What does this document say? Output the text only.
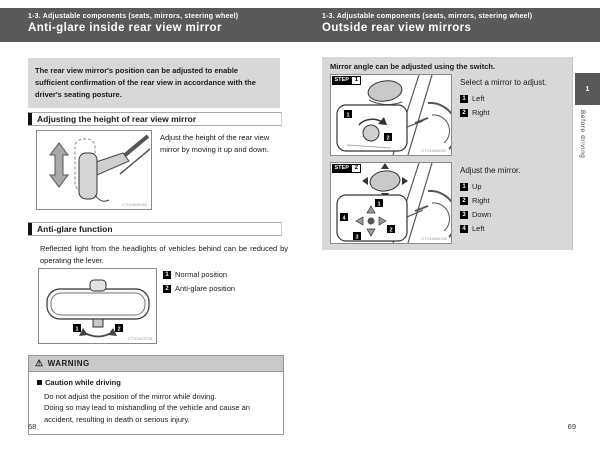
1-3. Adjustable components (seats, mirrors, steering wheel)
Anti-glare inside rear view mirror
1-3. Adjustable components (seats, mirrors, steering wheel)
Outside rear view mirrors
The rear view mirror's position can be adjusted to enable sufficient confirmation of the rear view in accordance with the driver's seating posture.
Adjusting the height of rear view mirror
CTH13AW066
Adjust the height of the rear view mirror by moving it up and down.
Anti-glare function
Reflected light from the headlights of vehicles behind can be reduced by operating the lever.
1	2
CTH13AT078
1 Normal position
2 Anti-glare position
⚠ WARNING
Caution while driving
Do not adjust the position of the mirror while driving.
Doing so may lead to mishandling of the vehicle and cause an accident, resulting in death or serious injury.
68
Mirror angle can be adjusted using the switch.
STEP 1
1
2
CTH13AW047
Select a mirror to adjust.
1 Left
2 Right
STEP 2
1
2
3
4
CTH13AW048
Adjust the mirror.
1 Up
2 Right
3 Down
4 Left
69
1
Before driving
